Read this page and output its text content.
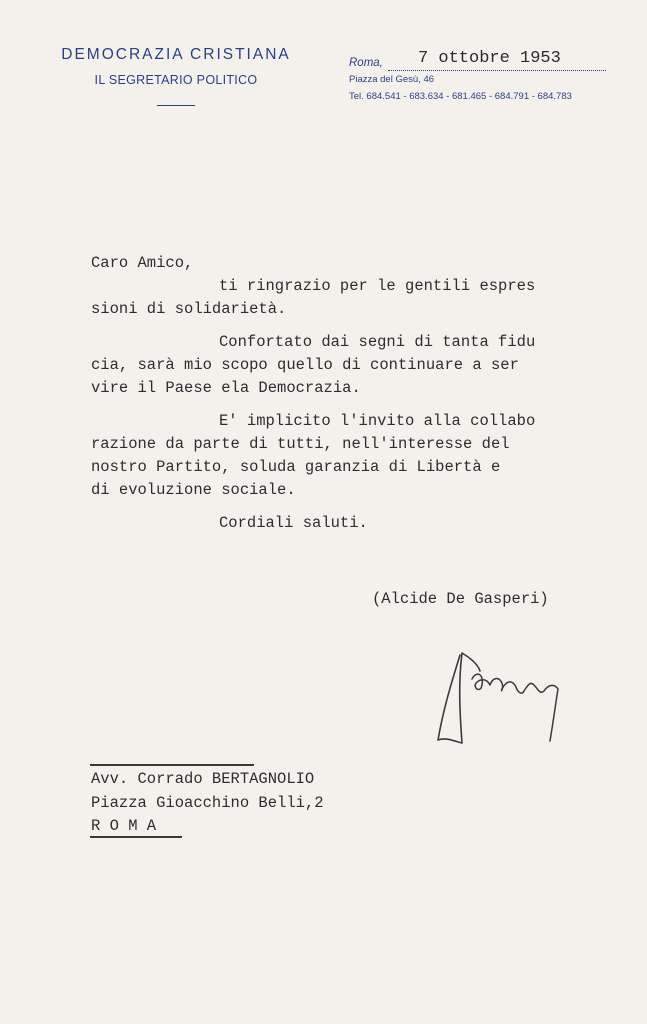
DEMOCRAZIA CRISTIANA
IL SEGRETARIO POLITICO
Roma, 7 ottobre 1953
Piazza del Gesù, 46
Tel. 684.541 - 683.634 - 681.465 - 684.791 - 684.783
Caro Amico,
ti ringrazio per le gentili espres
sioni di solidarietà.
Confortato dai segni di tanta fidu
cia, sarà mio scopo quello di continuare a ser
vire il Paese ela Democrazia.
E' implicito l'invito alla collabo
razione da parte di tutti, nell'interesse del
nostro Partito, soluda garanzia di Libertà e
di evoluzione sociale.
Cordiali saluti.
(Alcide De Gasperi)
Avv. Corrado BERTAGNOLIO
Piazza Gioacchino Belli,2
R O M A
